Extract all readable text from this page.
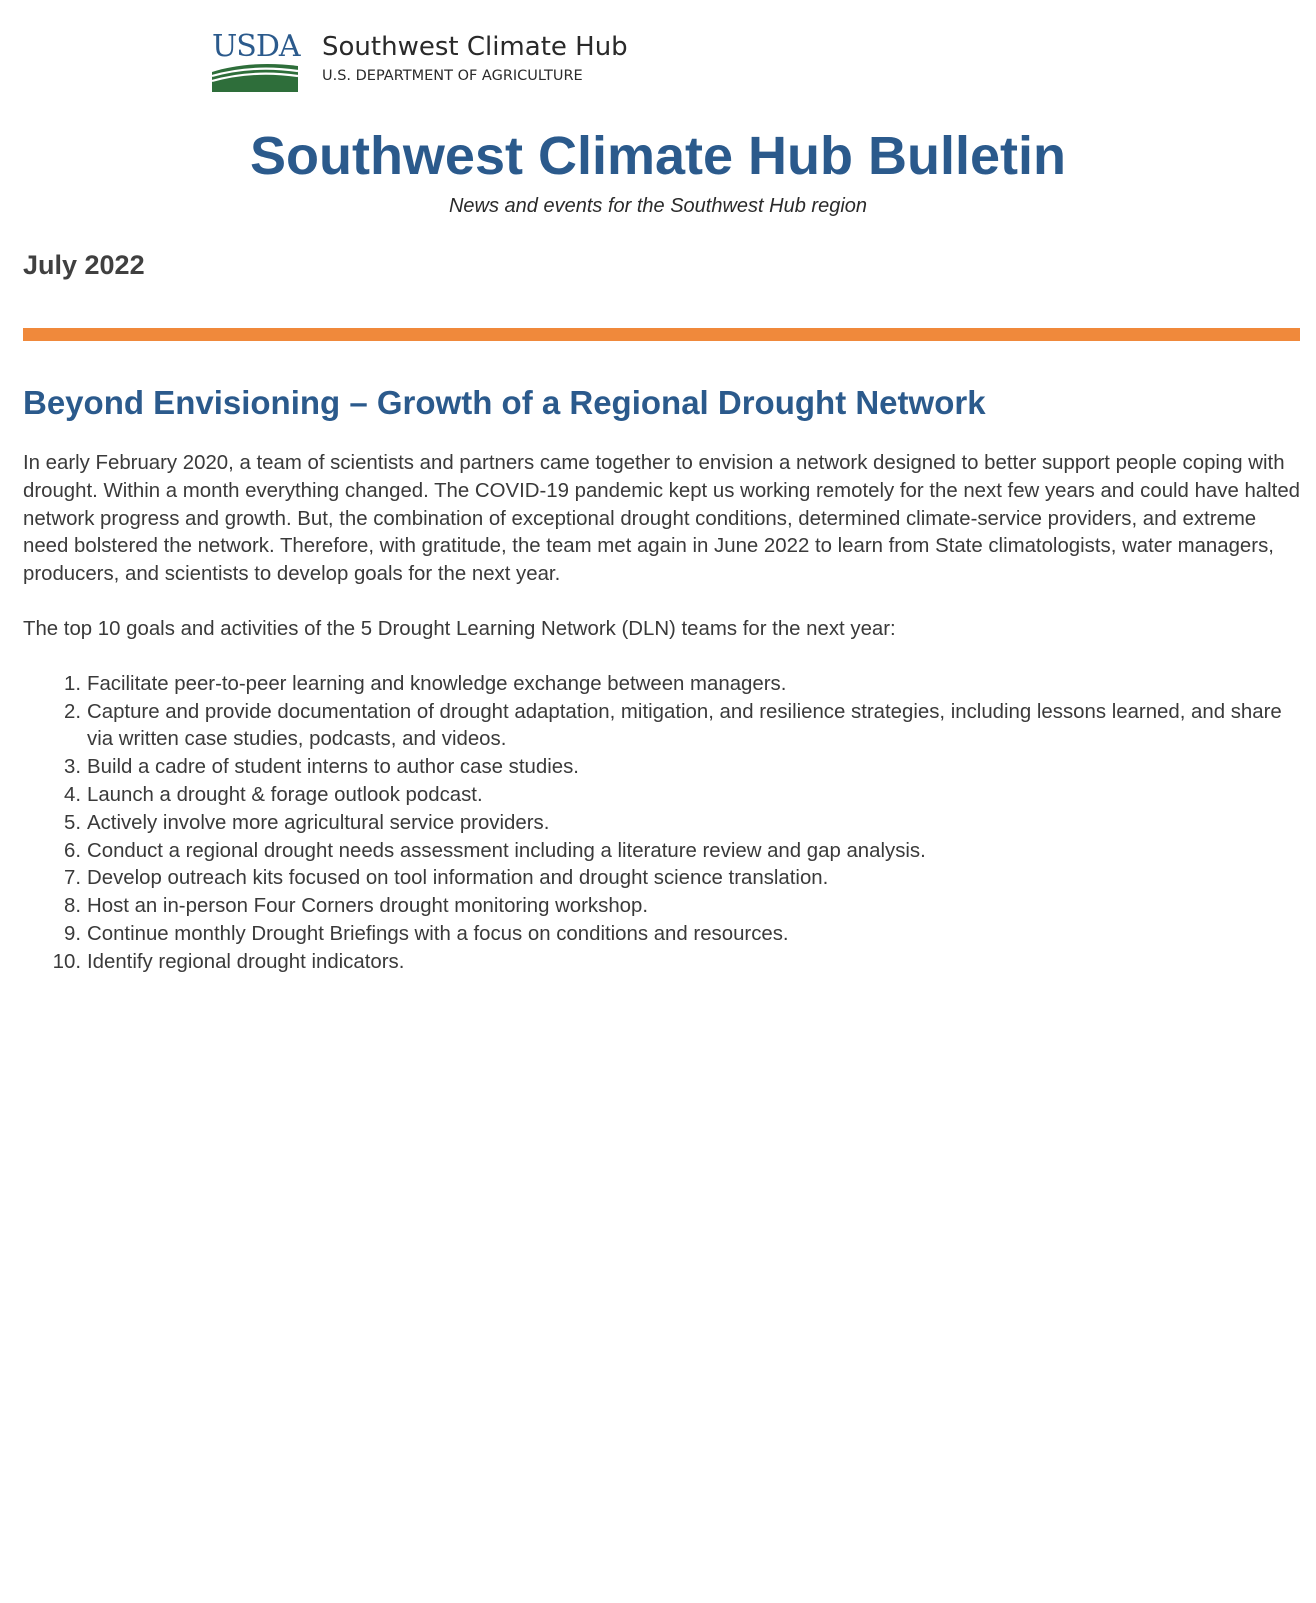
USDA Southwest Climate Hub
U.S. DEPARTMENT OF AGRICULTURE
Southwest Climate Hub Bulletin
News and events for the Southwest Hub region
July 2022
Beyond Envisioning – Growth of a Regional Drought Network

In early February 2020, a team of scientists and partners came together to envision a network designed to better support people coping with drought. Within a month everything changed. The COVID-19 pandemic kept us working remotely for the next few years and could have halted network progress and growth. But, the combination of exceptional drought conditions, determined climate-service providers, and extreme need bolstered the network. Therefore, with gratitude, the team met again in June 2022 to learn from State climatologists, water managers, producers, and scientists to develop goals for the next year.

The top 10 goals and activities of the 5 Drought Learning Network (DLN) teams for the next year:

Facilitate peer-to-peer learning and knowledge exchange between managers.
Capture and provide documentation of drought adaptation, mitigation, and resilience strategies, including lessons learned, and share via written case studies, podcasts, and videos.
Build a cadre of student interns to author case studies.
Launch a drought & forage outlook podcast.
Actively involve more agricultural service providers.
Conduct a regional drought needs assessment including a literature review and gap analysis.
Develop outreach kits focused on tool information and drought science translation.
Host an in-person Four Corners drought monitoring workshop.
Continue monthly Drought Briefings with a focus on conditions and resources.
Identify regional drought indicators.
